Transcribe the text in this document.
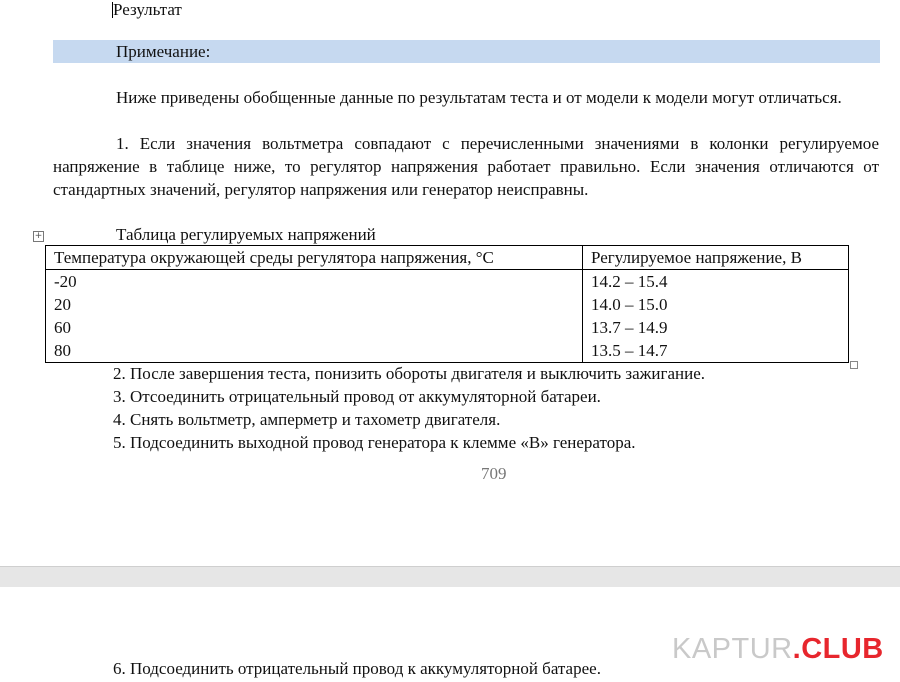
Результат
Примечание:
Ниже приведены обобщенные данные по результатам теста и от модели к модели могут отличаться.
1. Если значения вольтметра совпадают с перечисленными значениями в колонки регулируемое напряжение в таблице ниже, то регулятор напряжения работает правильно. Если значения отличаются от стандартных значений, регулятор напряжения или генератор неисправны.
+	Таблица регулируемых напряжений
Температура окружающей среды регулятора напряжения, °С	Регулируемое напряжение, В
-20	14.2 – 15.4
20	14.0 – 15.0
60	13.7 – 14.9
80	13.5 – 14.7
2. После завершения теста, понизить обороты двигателя и выключить зажигание.
3. Отсоединить отрицательный провод от аккумуляторной батареи.
4. Снять вольтметр, амперметр и тахометр двигателя.
5. Подсоединить выходной провод генератора к клемме «В» генератора.
709
6. Подсоединить отрицательный провод к аккумуляторной батарее.
KAPTUR.CLUB
